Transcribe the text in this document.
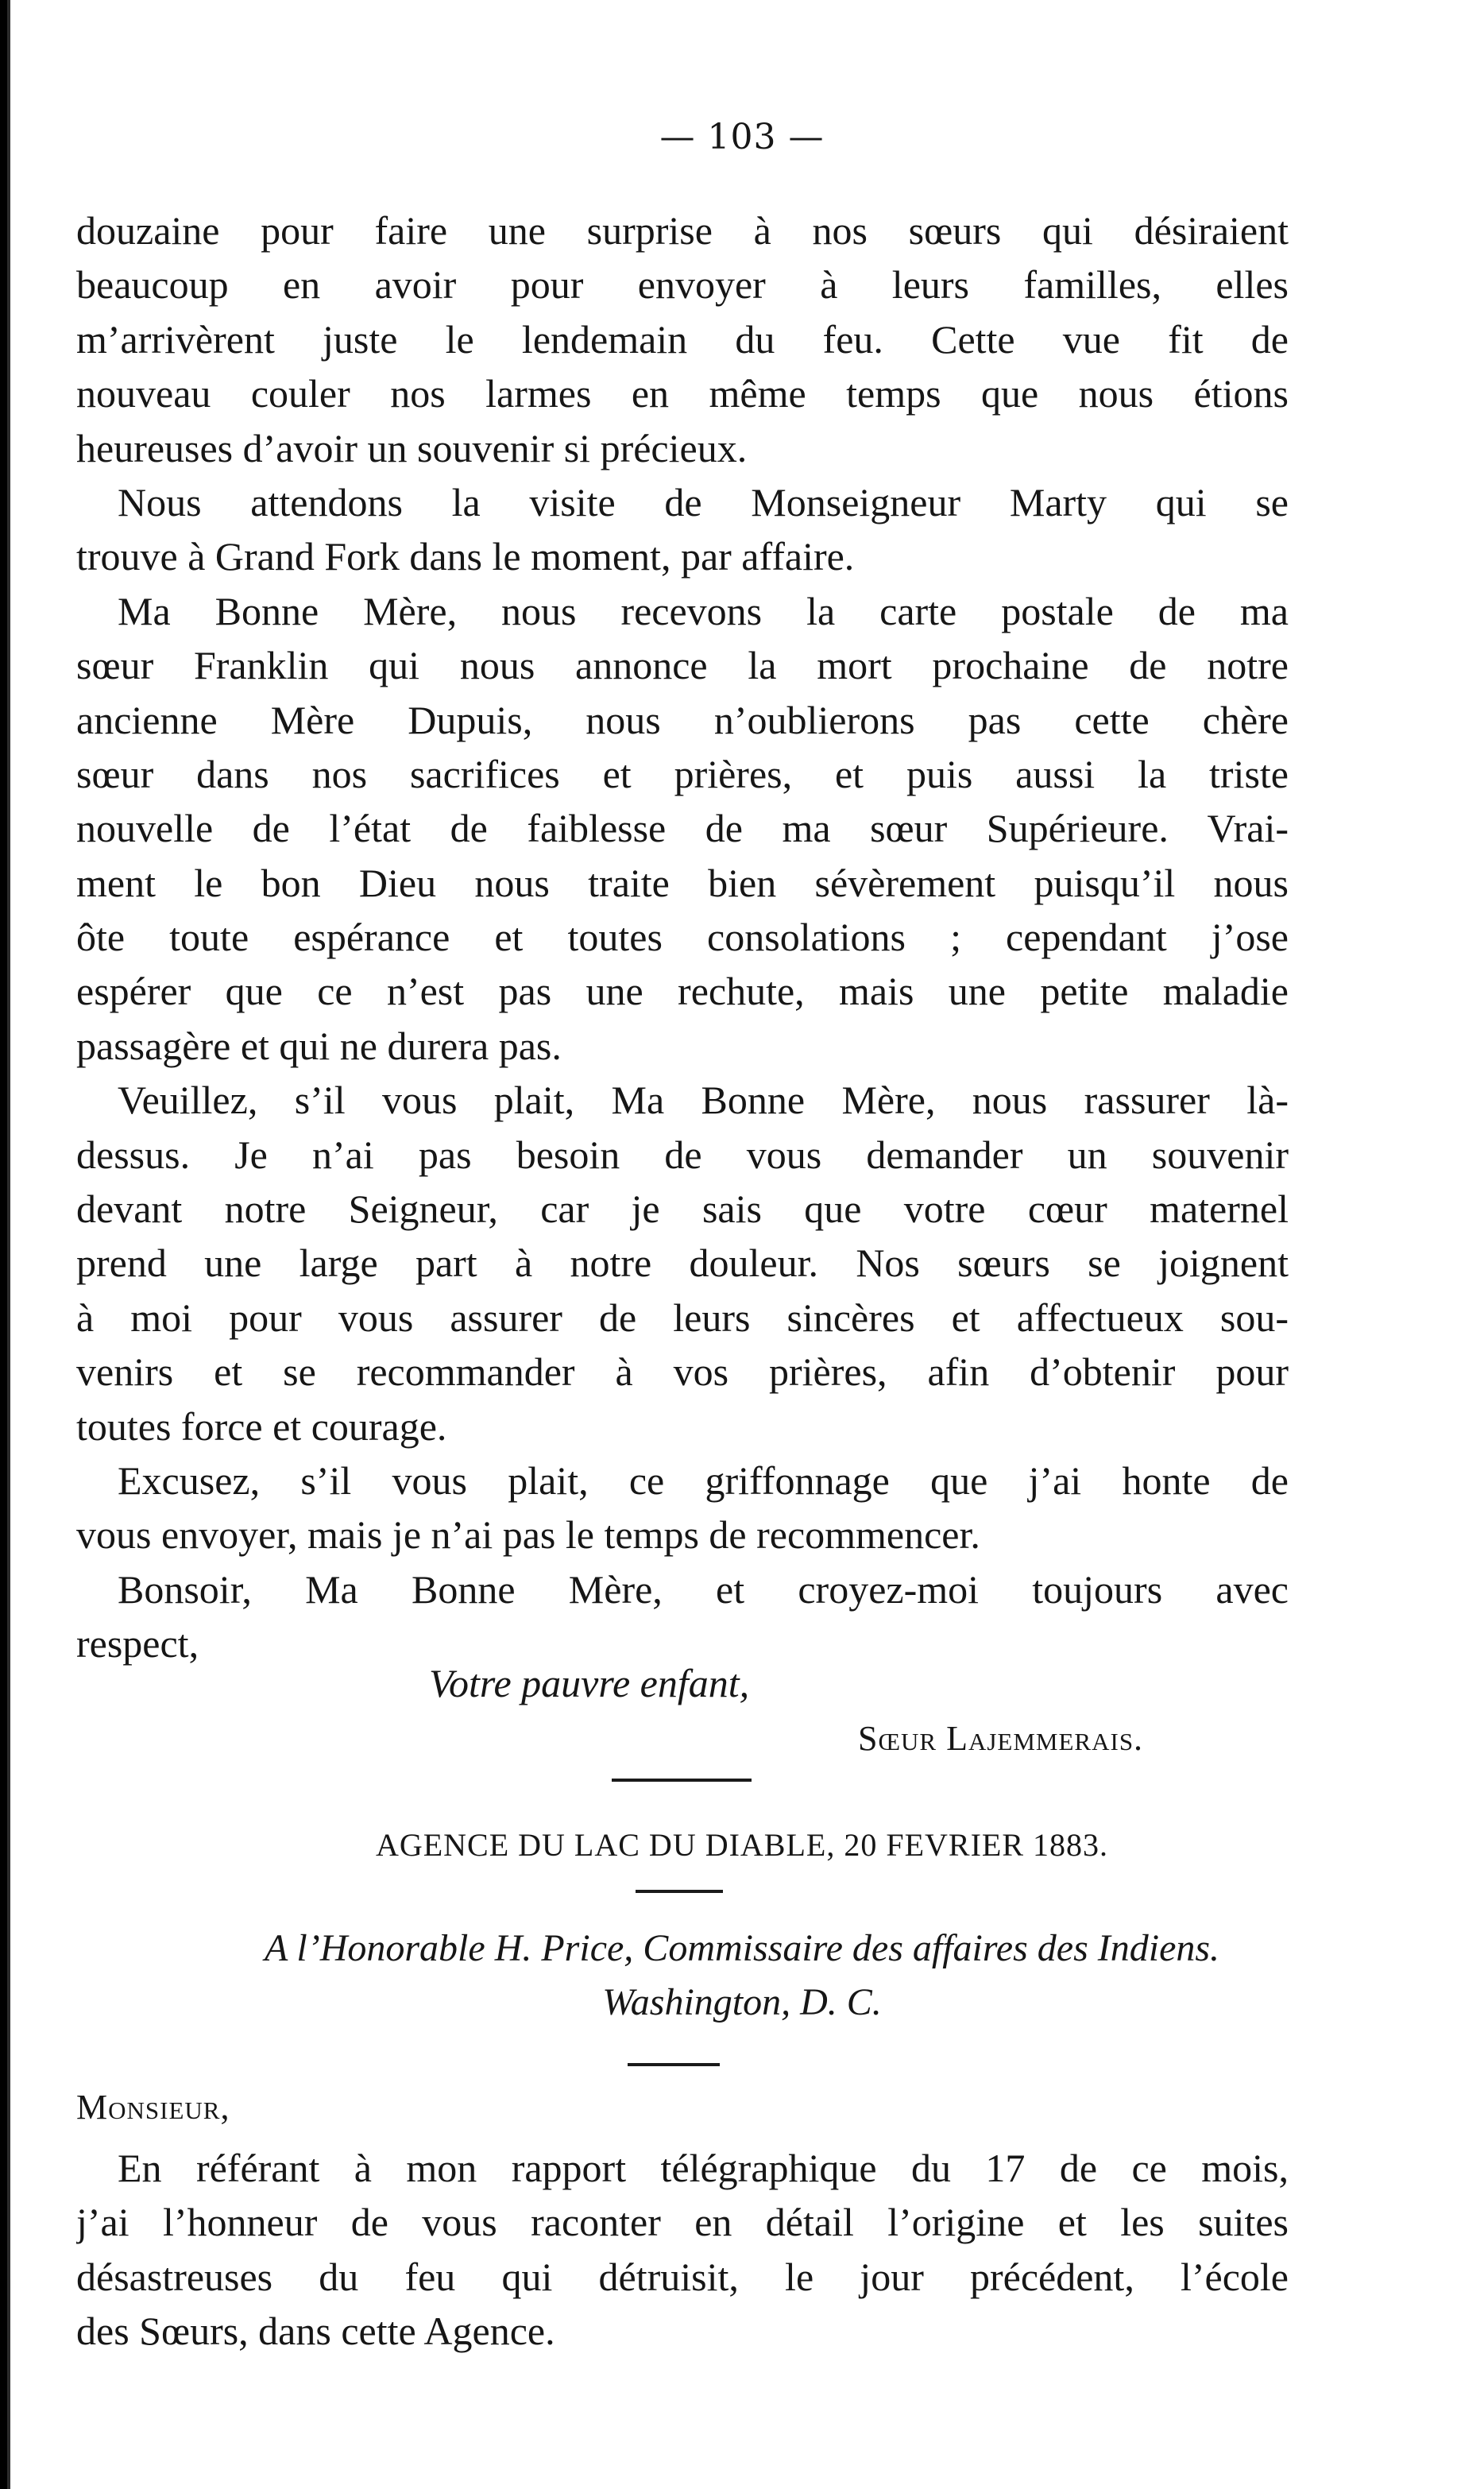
— 103 —
douzaine pour faire une surprise à nos sœurs qui désiraient
beaucoup en avoir pour envoyer à leurs familles, elles
m’arrivèrent juste le lendemain du feu. Cette vue fit de
nouveau couler nos larmes en même temps que nous étions
heureuses d’avoir un souvenir si précieux.
Nous attendons la visite de Monseigneur Marty qui se
trouve à Grand Fork dans le moment, par affaire.
Ma Bonne Mère, nous recevons la carte postale de ma
sœur Franklin qui nous annonce la mort prochaine de notre
ancienne Mère Dupuis, nous n’oublierons pas cette chère
sœur dans nos sacrifices et prières, et puis aussi la triste
nouvelle de l’état de faiblesse de ma sœur Supérieure. Vrai-
ment le bon Dieu nous traite bien sévèrement puisqu’il nous
ôte toute espérance et toutes consolations ; cependant j’ose
espérer que ce n’est pas une rechute, mais une petite maladie
passagère et qui ne durera pas.
Veuillez, s’il vous plait, Ma Bonne Mère, nous rassurer là-
dessus. Je n’ai pas besoin de vous demander un souvenir
devant notre Seigneur, car je sais que votre cœur maternel
prend une large part à notre douleur. Nos sœurs se joignent
à moi pour vous assurer de leurs sincères et affectueux sou-
venirs et se recommander à vos prières, afin d’obtenir pour
toutes force et courage.
Excusez, s’il vous plait, ce griffonnage que j’ai honte de
vous envoyer, mais je n’ai pas le temps de recommencer.
Bonsoir, Ma Bonne Mère, et croyez-moi toujours avec
respect,
Votre pauvre enfant,
Sœur Lajemmerais.
AGENCE DU LAC DU DIABLE, 20 FEVRIER 1883.
A l’Honorable H. Price, Commissaire des affaires des Indiens.
Washington, D. C.
Monsieur,
En référant à mon rapport télégraphique du 17 de ce mois,
j’ai l’honneur de vous raconter en détail l’origine et les suites
désastreuses du feu qui détruisit, le jour précédent, l’école
des Sœurs, dans cette Agence.
